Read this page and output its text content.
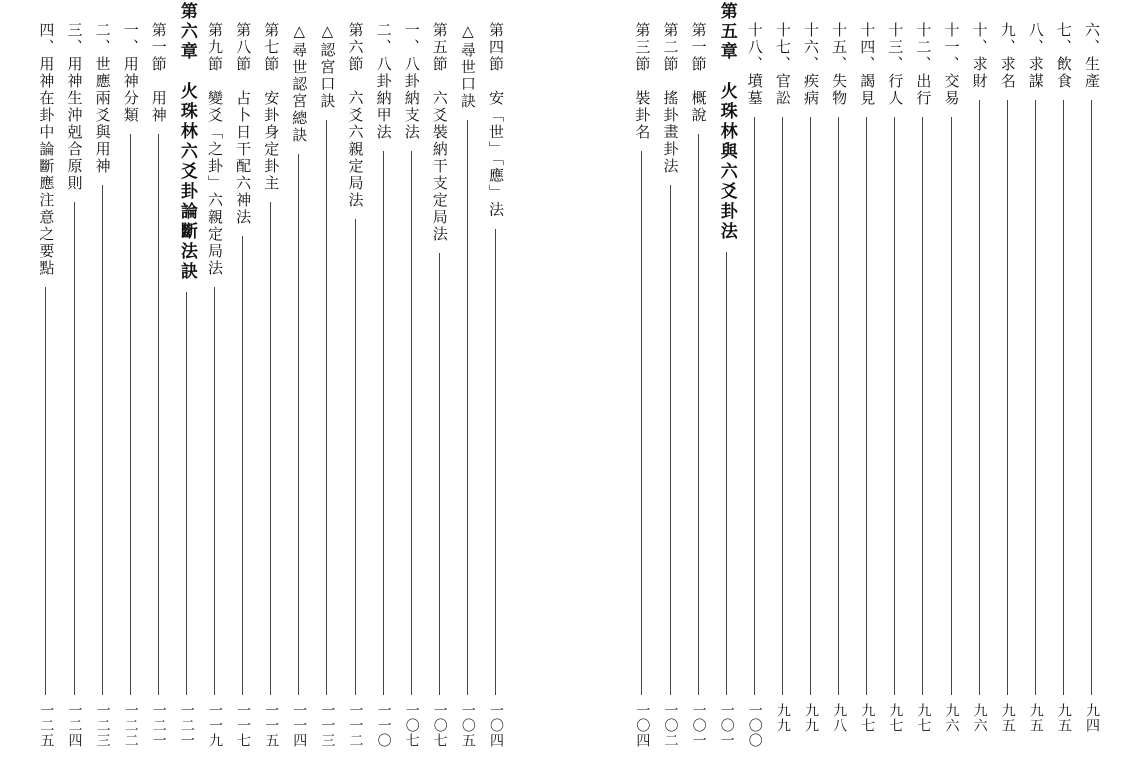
第四節　安「世」「應」法
一〇四
△尋世口訣
一〇五
第五節　六爻裝納干支定局法
一〇七
一、八卦納支法
一〇七
二、八卦納甲法
一一〇
第六節　六爻六親定局法
一一二
△認宮口訣
一一三
△尋世認宮總訣
一一四
第七節　安卦身定卦主
一一五
第八節　占卜日干配六神法
一一七
第九節　變爻「之卦」六親定局法
一一九
第六章　火珠林六爻卦論斷法訣
一二一
第一節　用神
一二一
一、用神分類
一二二
二、世應兩爻與用神
一二三
三、用神生沖剋合原則
一二四
四、用神在卦中論斷應注意之要點
一二五
六、生產
九四
七、飲食
九五
八、求謀
九五
九、求名
九五
十、求財
九六
十一、交易
九六
十二、出行
九七
十三、行人
九七
十四、謁見
九七
十五、失物
九八
十六、疾病
九九
十七、官訟
九九
十八、墳墓
一〇〇
第五章　火珠林與六爻卦法
一〇一
第一節　概說
一〇一
第二節　搖卦畫卦法
一〇二
第三節　裝卦名
一〇四
